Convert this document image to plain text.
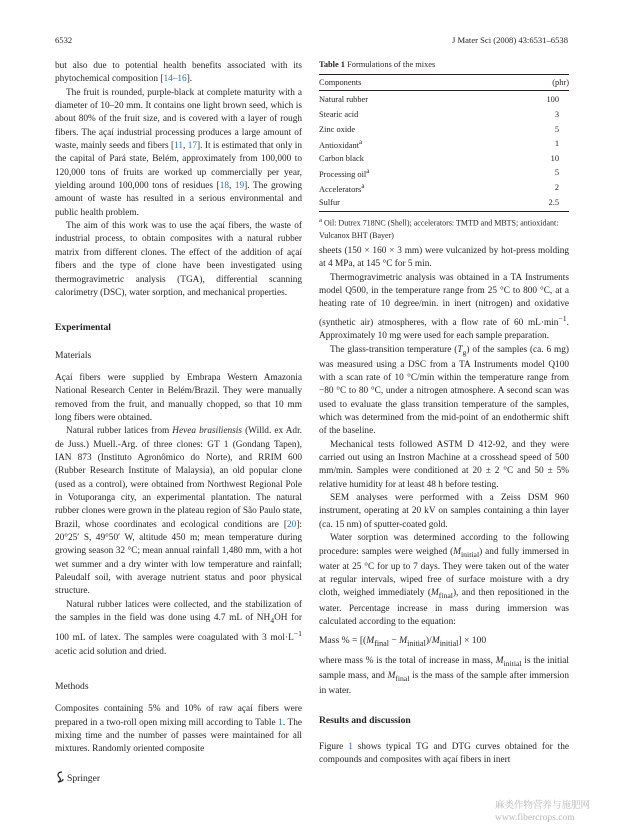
6532	J Mater Sci (2008) 43:6531–6538

but also due to potential health benefits associated with its phytochemical composition [14–16].

The fruit is rounded, purple-black at complete maturity with a diameter of 10–20 mm. It contains one light brown seed, which is about 80% of the fruit size, and is covered with a layer of rough fibers. The açaí industrial processing produces a large amount of waste, mainly seeds and fibers [11, 17]. It is estimated that only in the capital of Pará state, Belém, approximately from 100,000 to 120,000 tons of fruits are worked up commercially per year, yielding around 100,000 tons of residues [18, 19]. The growing amount of waste has resulted in a serious environmental and public health problem.

The aim of this work was to use the açaí fibers, the waste of industrial process, to obtain composites with a natural rubber matrix from different clones. The effect of the addition of açaí fibers and the type of clone have been investigated using thermogravimetric analysis (TGA), differential scanning calorimetry (DSC), water sorption, and mechanical properties.

Experimental

Materials

Açaí fibers were supplied by Embrapa Western Amazonia National Research Center in Belém/Brazil. They were manually removed from the fruit, and manually chopped, so that 10 mm long fibers were obtained.

Natural rubber latices from Hevea brasiliensis (Willd. ex Adr. de Juss.) Muell.-Arg. of three clones: GT 1 (Gondang Tapen), IAN 873 (Instituto Agronômico do Norte), and RRIM 600 (Rubber Research Institute of Malaysia), an old popular clone (used as a control), were obtained from Northwest Regional Pole in Votuporanga city, an experimental plantation. The natural rubber clones were grown in the plateau region of São Paulo state, Brazil, whose coordinates and ecological conditions are [20]: 20°25′ S, 49°50′ W, altitude 450 m; mean temperature during growing season 32 °C; mean annual rainfall 1,480 mm, with a hot wet summer and a dry winter with low temperature and rainfall; Paleudalf soil, with average nutrient status and poor physical structure.

Natural rubber latices were collected, and the stabilization of the samples in the field was done using 4.7 mL of $NH_4OH$ for 100 mL of latex. The samples were coagulated with 3 $mol\cdot L^{-1}$ acetic acid solution and dried.

Methods

Composites containing 5% and 10% of raw açaí fibers were prepared in a two-roll open mixing mill according to Table 1. The mixing time and the number of passes were maintained for all mixtures. Randomly oriented composite

Table 1 Formulations of the mixes

Components	(phr)
Natural rubber	100
Stearic acid	3
Zinc oxide	5
Antioxidant$^a$	1
Carbon black	10
Processing oil$^a$	5
Accelerators$^a$	2
Sulfur	2.5

$^a$ Oil: Dutrex 718NC (Shell); accelerators: TMTD and MBTS; antioxidant: Vulcanox BHT (Bayer)

sheets (150 × 160 × 3 mm) were vulcanized by hot-press molding at 4 MPa, at 145 °C for 5 min.

Thermogravimetric analysis was obtained in a TA Instruments model Q500, in the temperature range from 25 °C to 800 °C, at a heating rate of 10 degree/min. in inert (nitrogen) and oxidative (synthetic air) atmospheres, with a flow rate of 60 $mL\cdot\min^{-1}$. Approximately 10 mg were used for each sample preparation.

The glass-transition temperature $(T_g)$ of the samples (ca. 6 mg) was measured using a DSC from a TA Instruments model Q100 with a scan rate of 10 °C/min within the temperature range from −80 °C to 80 °C, under a nitrogen atmosphere. A second scan was used to evaluate the glass transition temperature of the samples, which was determined from the mid-point of an endothermic shift of the baseline.

Mechanical tests followed ASTM D 412-92, and they were carried out using an Instron Machine at a crosshead speed of 500 mm/min. Samples were conditioned at 20 ± 2 °C and 50 ± 5% relative humidity for at least 48 h before testing.

SEM analyses were performed with a Zeiss DSM 960 instrument, operating at 20 kV on samples containing a thin layer (ca. 15 nm) of sputter-coated gold.

Water sorption was determined according to the following procedure: samples were weighed $(M_{initial})$ and fully immersed in water at 25 °C for up to 7 days. They were taken out of the water at regular intervals, wiped free of surface moisture with a dry cloth, weighed immediately $(M_{final})$, and then repositioned in the water. Percentage increase in mass during immersion was calculated according to the equation:

Mass % = $[(M_{final} - M_{initial})/M_{initial}] \times 100$

where mass % is the total of increase in mass, $M_{initial}$ is the initial sample mass, and $M_{final}$ is the mass of the sample after immersion in water.

Results and discussion

Figure 1 shows typical TG and DTG curves obtained for the compounds and composites with açaí fibers in inert

Springer
麻类作物营养与施肥网
www.fibercrops.com
